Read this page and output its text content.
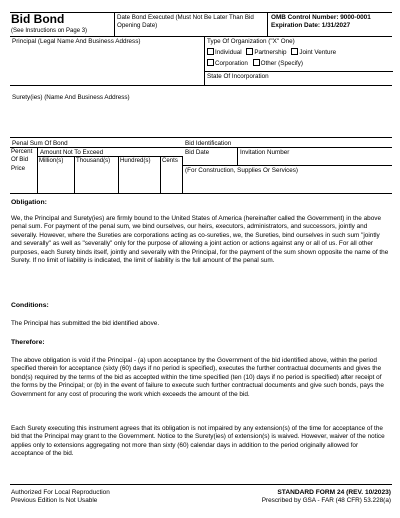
Bid Bond
(See Instructions on Page 3)
Date Bond Executed (Must Not Be Later Than Bid Opening Date)
OMB Control Number: 9000-0001
Expiration Date: 1/31/2027
Principal (Legal Name And Business Address)	Type Of Organization ("X" One)
Individual Partnership Joint Venture
Corporation Other (Specify)
State Of Incorporation
Surety(ies) (Name And Business Address)
Penal Sum Of Bond
Percent
Of Bid
Price
Amount Not To Exceed
Million(s)	Thousand(s)	Hundred(s)	Cents
Bid Identification
Bid Date	Invitation Number
(For Construction, Supplies Or Services)
Obligation:
We, the Principal and Surety(ies) are firmly bound to the United States of America (hereinafter called the Government) in the above penal sum. For payment of the penal sum, we bind ourselves, our heirs, executors, administrators, and successors, jointly and severally. However, where the Sureties are corporations acting as co-sureties, we, the Sureties, bind ourselves in such sum "jointly and severally" as well as "severally" only for the purpose of allowing a joint action or actions against any or all of us. For all other purposes, each Surety binds itself, jointly and severally with the Principal, for the payment of the sum shown opposite the name of the Surety. If no limit of liability is indicated, the limit of liability is the full amount of the penal sum.
Conditions:
The Principal has submitted the bid identified above.
Therefore:
The above obligation is void if the Principal - (a) upon acceptance by the Government of the bid identified above, within the period specified therein for acceptance (sixty (60) days if no period is specified), executes the further contractual documents and gives the bond(s) required by the terms of the bid as accepted within the time specified (ten (10) days if no period is specified) after receipt of the forms by the Principal; or (b) in the event of failure to execute such further contractual documents and give such bonds, pays the Government for any cost of procuring the work which exceeds the amount of the bid.
Each Surety executing this instrument agrees that its obligation is not impaired by any extension(s) of the time for acceptance of the bid that the Principal may grant to the Government. Notice to the Surety(ies) of extension(s) is waived. However, waiver of the notice applies only to extensions aggregating not more than sixty (60) calendar days in addition to the period originally allowed for acceptance of the bid.
Authorized For Local Reproduction
Previous Edition Is Not Usable
STANDARD FORM 24 (REV. 10/2023)
Prescribed by GSA - FAR (48 CFR) 53.228(a)
